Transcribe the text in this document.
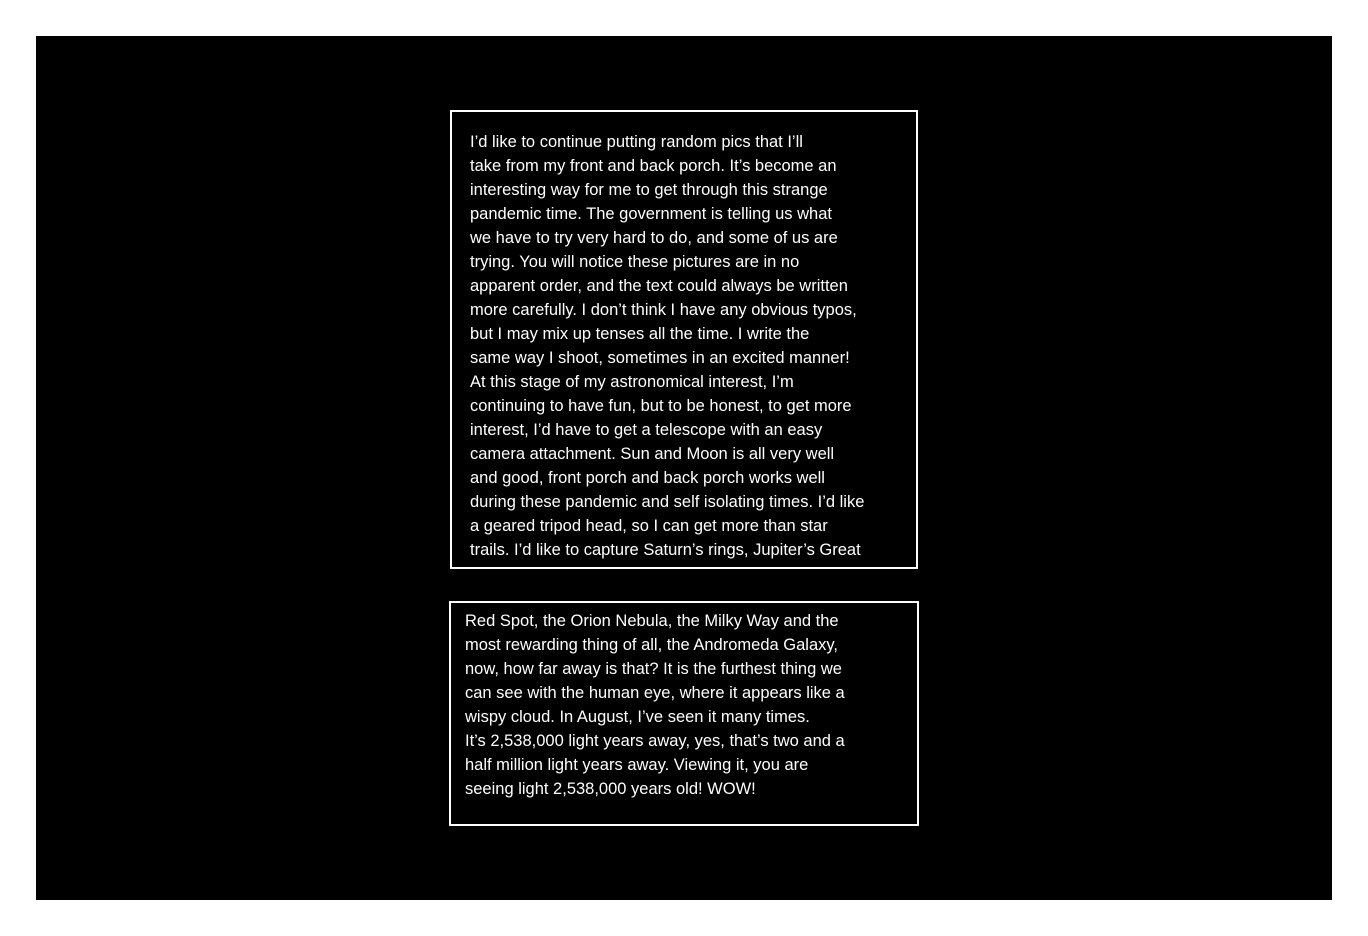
I’d like to continue putting random pics that I’ll
take from my front and back porch. It’s become an
interesting way for me to get through this strange
pandemic time. The government is telling us what
we have to try very hard to do, and some of us are
trying. You will notice these pictures are in no
apparent order, and the text could always be written
more carefully. I don’t think I have any obvious typos,
but I may mix up tenses all the time. I write the
same way I shoot, sometimes in an excited manner!
At this stage of my astronomical interest, I’m
continuing to have fun, but to be honest, to get more
interest, I’d have to get a telescope with an easy
camera attachment. Sun and Moon is all very well
and good, front porch and back porch works well
during these pandemic and self isolating times. I’d like
a geared tripod head, so I can get more than star
trails. I’d like to capture Saturn’s rings, Jupiter’s Great
Red Spot, the Orion Nebula, the Milky Way and the
most rewarding thing of all, the Andromeda Galaxy,
now, how far away is that? It is the furthest thing we
can see with the human eye, where it appears like a
wispy cloud. In August, I’ve seen it many times.
It’s 2,538,000 light years away, yes, that’s two and a
half million light years away. Viewing it, you are
seeing light 2,538,000 years old! WOW!
